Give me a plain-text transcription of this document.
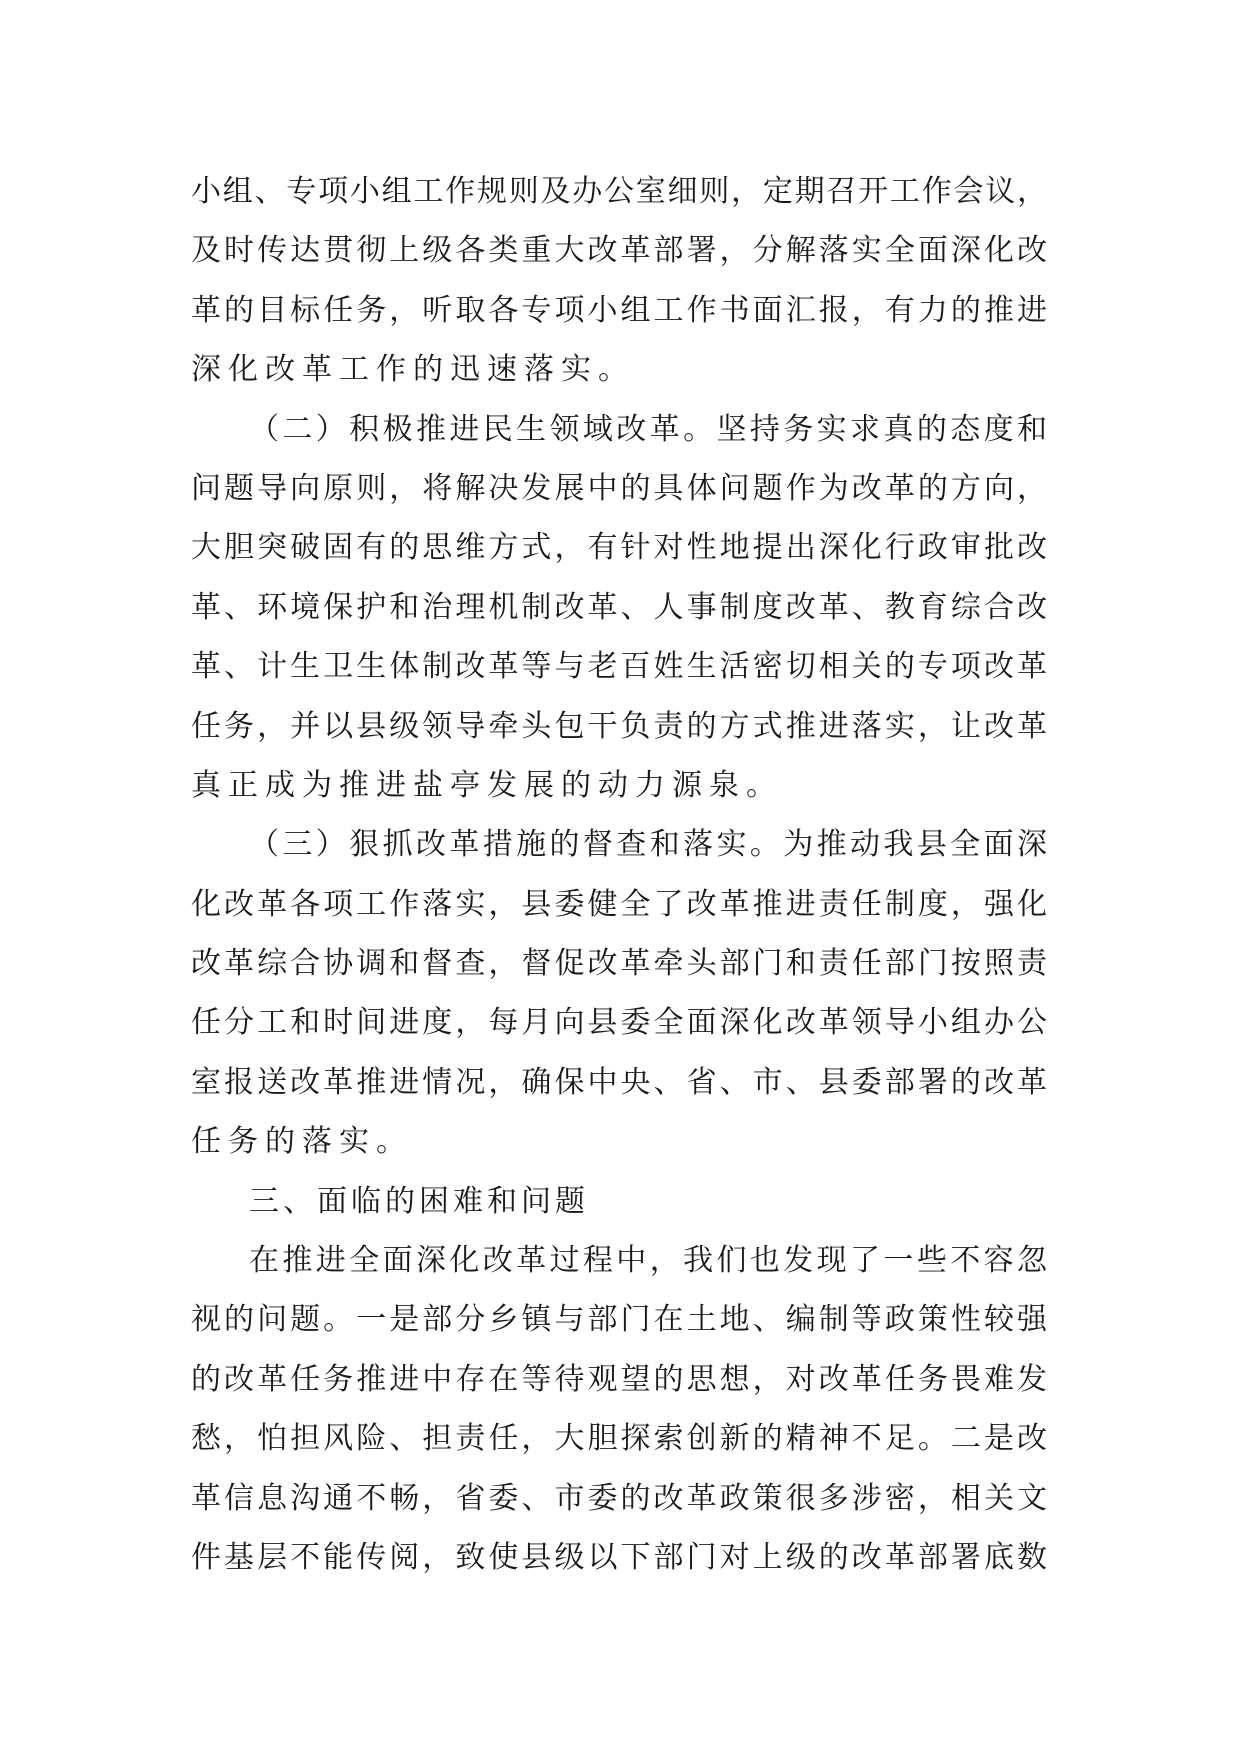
小组、专项小组工作规则及办公室细则，定期召开工作会议，
及时传达贯彻上级各类重大改革部署，分解落实全面深化改
革的目标任务，听取各专项小组工作书面汇报，有力的推进
深化改革工作的迅速落实。
（二）积极推进民生领域改革。坚持务实求真的态度和
问题导向原则，将解决发展中的具体问题作为改革的方向，
大胆突破固有的思维方式，有针对性地提出深化行政审批改
革、环境保护和治理机制改革、人事制度改革、教育综合改
革、计生卫生体制改革等与老百姓生活密切相关的专项改革
任务，并以县级领导牵头包干负责的方式推进落实，让改革
真正成为推进盐亭发展的动力源泉。
（三）狠抓改革措施的督查和落实。为推动我县全面深
化改革各项工作落实，县委健全了改革推进责任制度，强化
改革综合协调和督查，督促改革牵头部门和责任部门按照责
任分工和时间进度，每月向县委全面深化改革领导小组办公
室报送改革推进情况，确保中央、省、市、县委部署的改革
任务的落实。
三、面临的困难和问题
在推进全面深化改革过程中，我们也发现了一些不容忽
视的问题。一是部分乡镇与部门在土地、编制等政策性较强
的改革任务推进中存在等待观望的思想，对改革任务畏难发
愁，怕担风险、担责任，大胆探索创新的精神不足。二是改
革信息沟通不畅，省委、市委的改革政策很多涉密，相关文
件基层不能传阅，致使县级以下部门对上级的改革部署底数
